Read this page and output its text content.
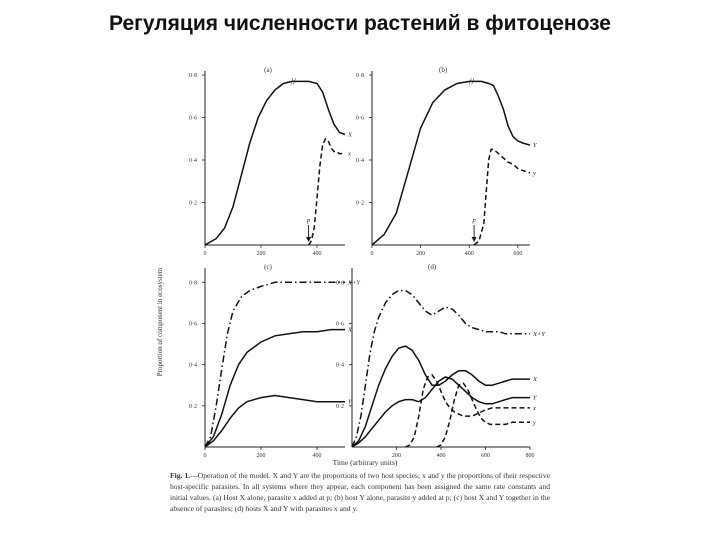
Регуляция численности растений в фитоценозе
0·8
0·6
0·4
0·2
0	200	400
(a)
X
x
//
p
0·8
0·6
0·4
0·2
0	200	400	600
(b)
Y
y
//
p
0·8
0·6
0·4
0·2
0	200	400
(c)
X+Y
X
Y
0·8
0·6
0·4
0·2
200	400	600	800
(d)
X+Y
X
Y
x
y
Proportion of component in ecosystem
Time (arbitrary units)
Fig. 1.—Operation of the model. X and Y are the proportions of two host species; x and y the proportions of their respective host-specific parasites. In all systems where they appear, each component has been assigned the same rate constants and initial values. (a) Host X alone, parasite x added at p; (b) host Y alone, parasite y added at p; (c) host X and Y together in the absence of parasites; (d) hosts X and Y with parasites x and y.
